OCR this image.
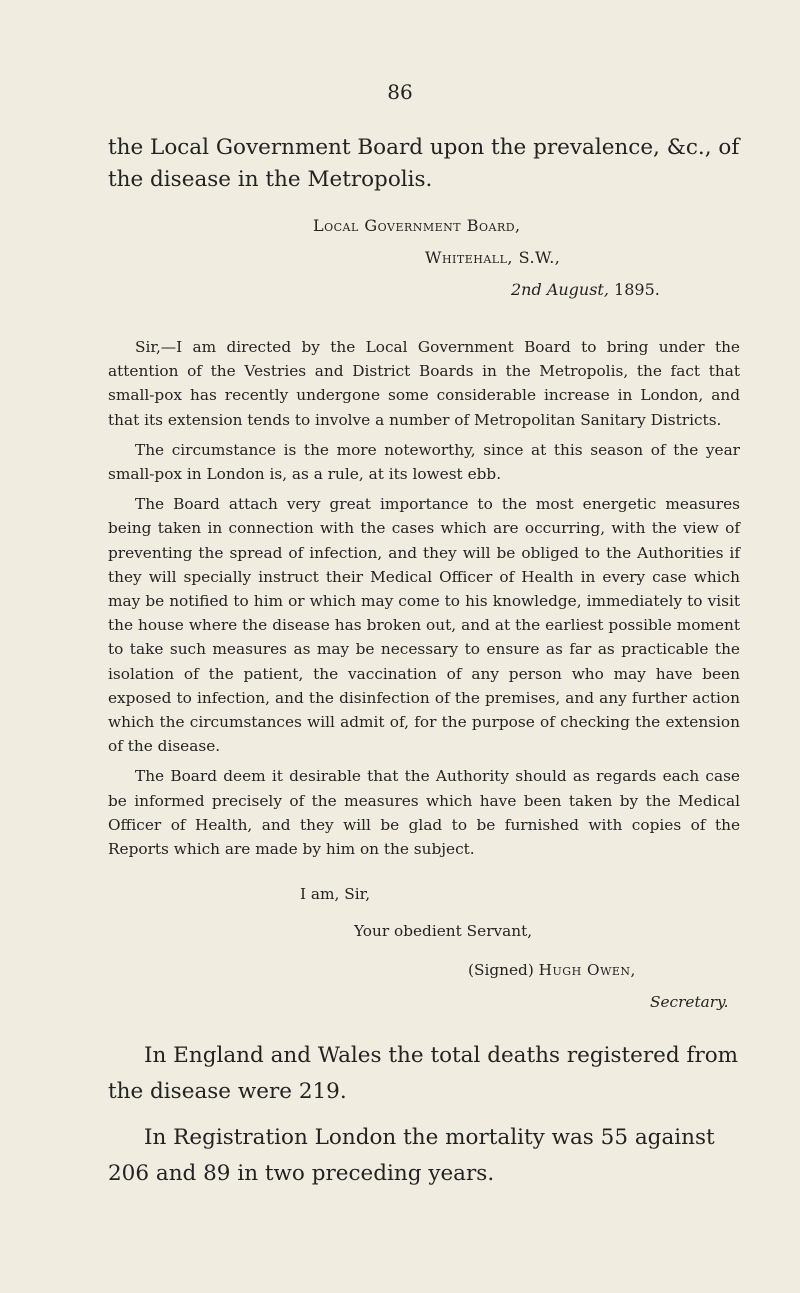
86
the Local Government Board upon the prevalence, &c., of the disease in the Metropolis.
Local Government Board,
Whitehall, S.W.,
2nd August, 1895.

Sir,—I am directed by the Local Government Board to bring under the attention of the Vestries and District Boards in the Metropolis, the fact that small-pox has recently undergone some considerable increase in London, and that its extension tends to involve a number of Metropolitan Sanitary Districts.

The circumstance is the more noteworthy, since at this season of the year small-pox in London is, as a rule, at its lowest ebb.

The Board attach very great importance to the most energetic measures being taken in connection with the cases which are occurring, with the view of preventing the spread of infection, and they will be obliged to the Authorities if they will specially instruct their Medical Officer of Health in every case which may be notified to him or which may come to his knowledge, immediately to visit the house where the disease has broken out, and at the earliest possible moment to take such measures as may be necessary to ensure as far as practicable the isolation of the patient, the vaccination of any person who may have been exposed to infection, and the disinfection of the premises, and any further action which the circumstances will admit of, for the purpose of checking the extension of the disease.

The Board deem it desirable that the Authority should as regards each case be informed precisely of the measures which have been taken by the Medical Officer of Health, and they will be glad to be furnished with copies of the Reports which are made by him on the subject.

I am, Sir,
Your obedient Servant,
(Signed) Hugh Owen,
Secretary.

In England and Wales the total deaths registered from the disease were 219.

In Registration London the mortality was 55 against 206 and 89 in two preceding years.
